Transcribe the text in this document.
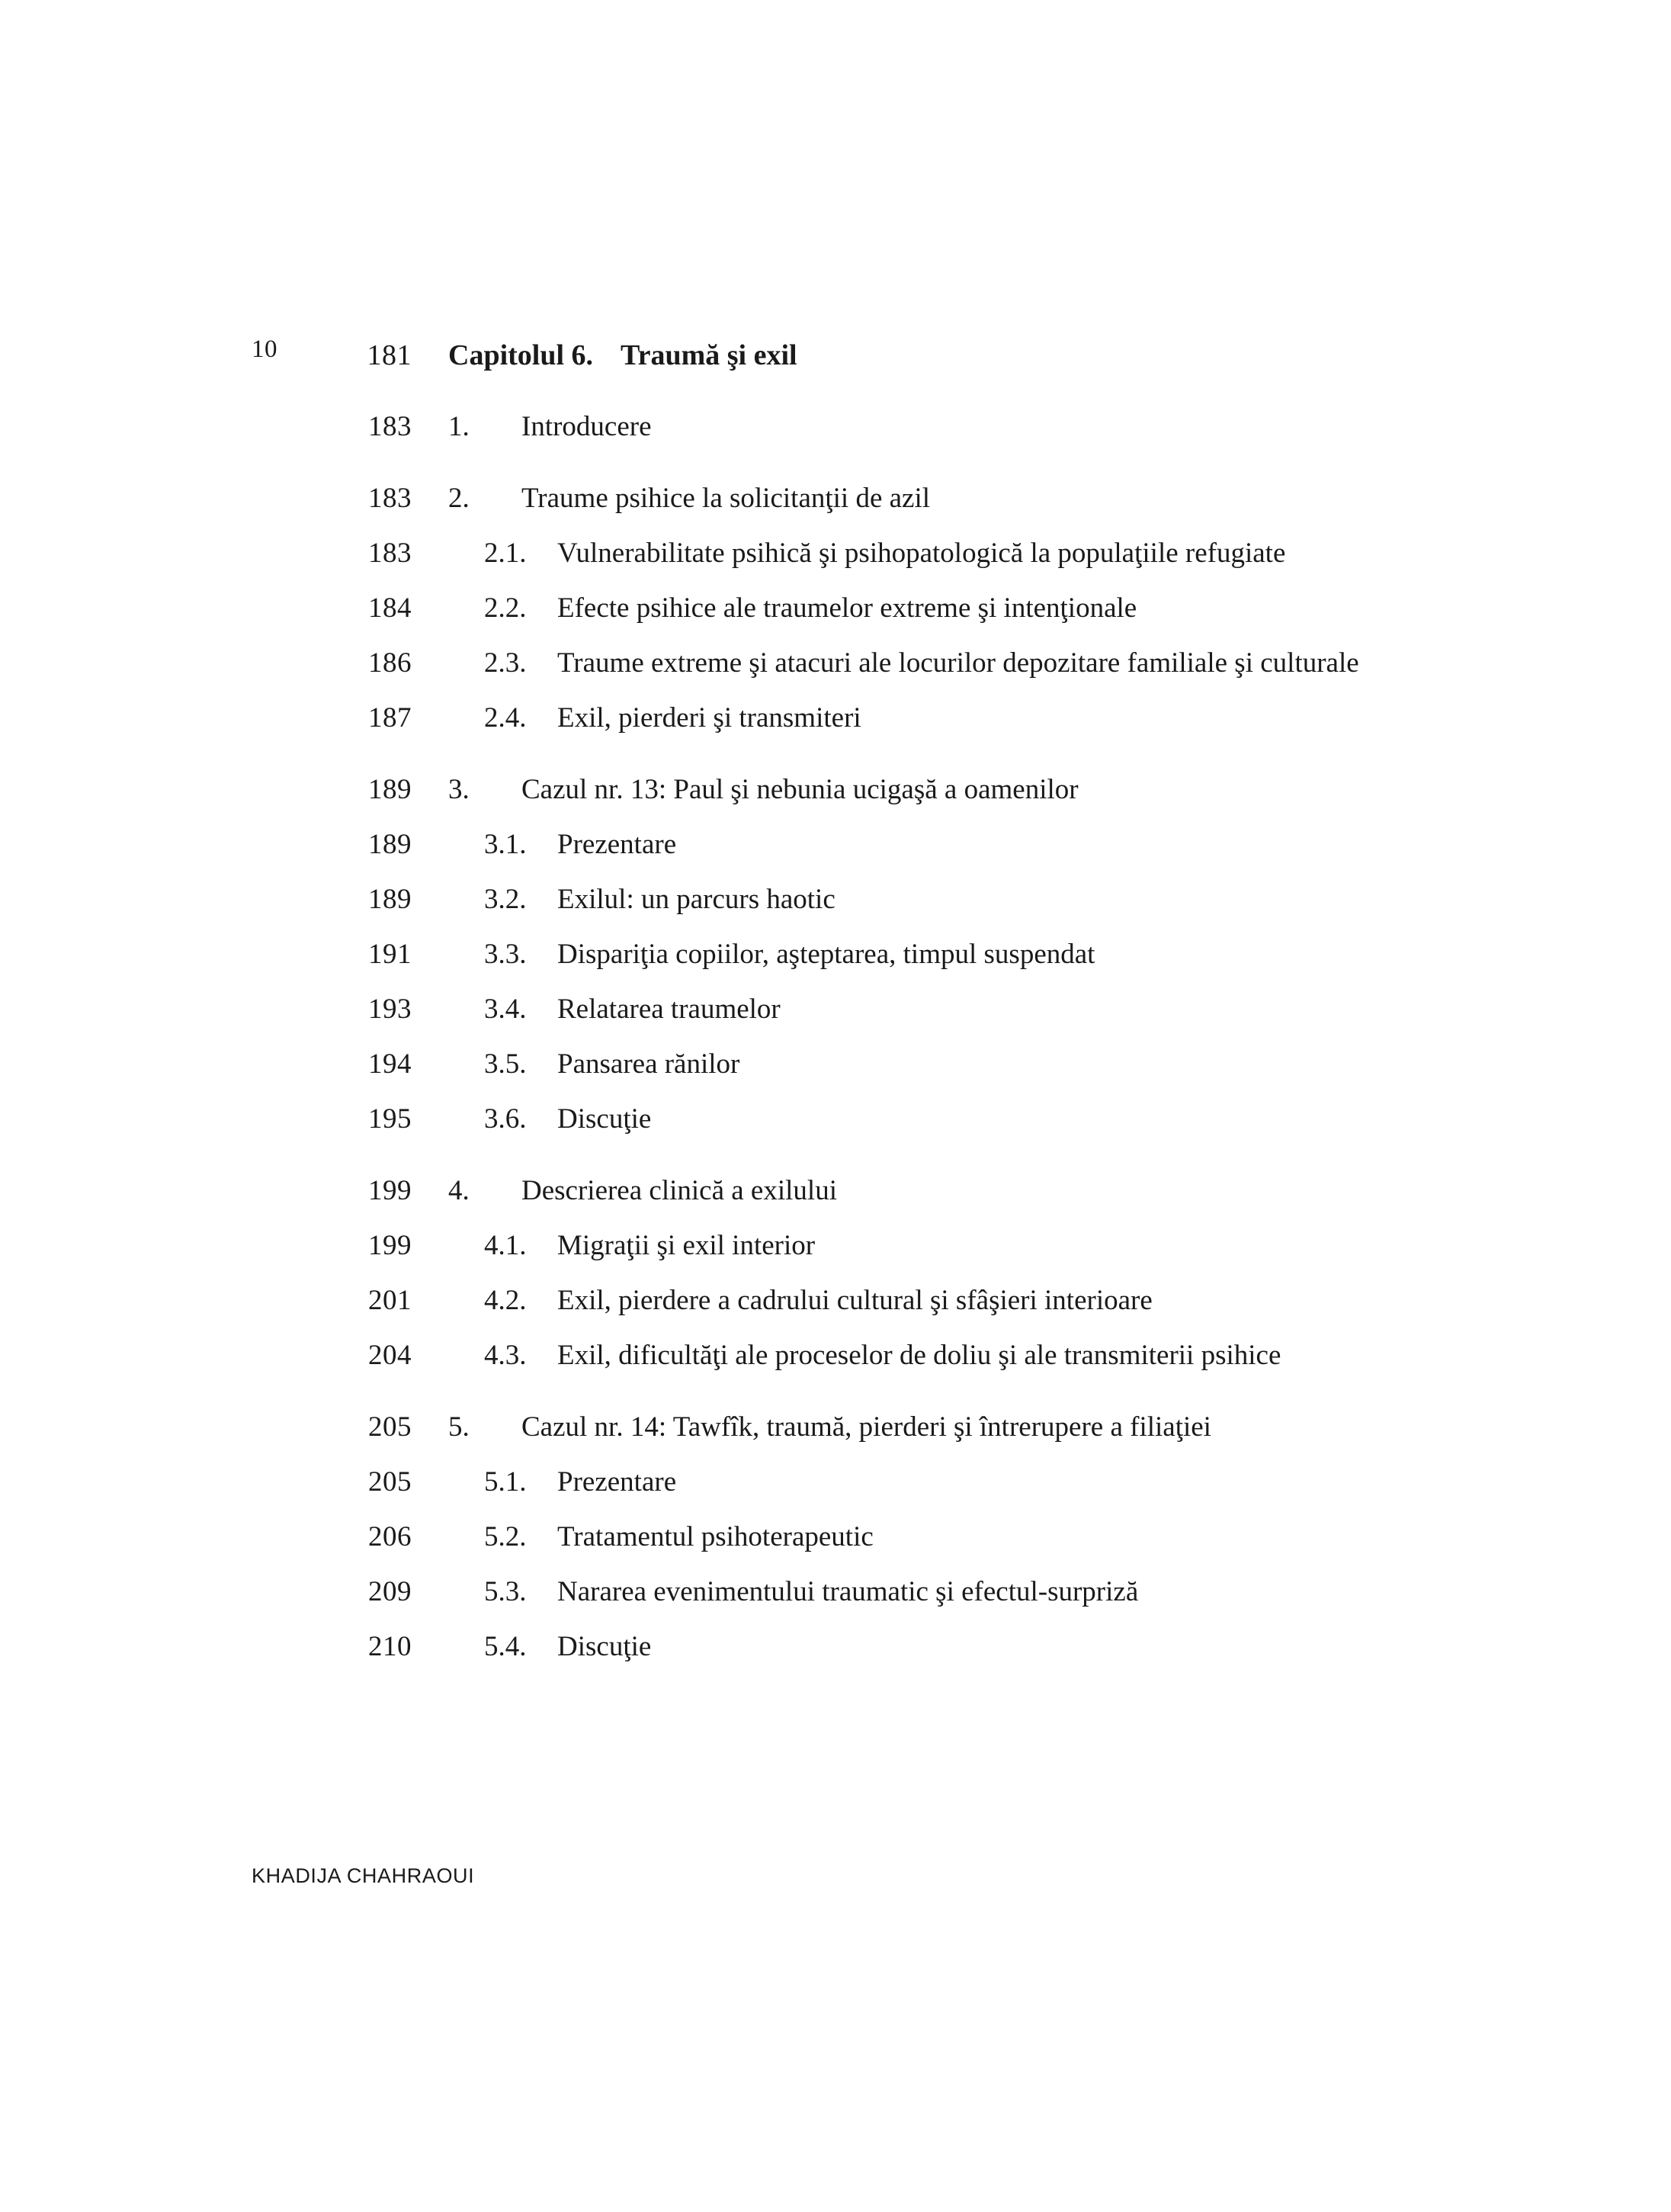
10	181	Capitolul 6. Traumă şi exil
183	1. Introducere
183	2. Traume psihice la solicitanţii de azil
183	2.1. Vulnerabilitate psihică şi psihopatologică la populaţiile refugiate
184	2.2. Efecte psihice ale traumelor extreme şi intenţionale
186	2.3. Traume extreme şi atacuri ale locurilor depozitare familiale şi culturale
187	2.4. Exil, pierderi şi transmiteri
189	3. Cazul nr. 13: Paul şi nebunia ucigaşă a oamenilor
189	3.1. Prezentare
189	3.2. Exilul: un parcurs haotic
191	3.3. Dispariţia copiilor, aşteptarea, timpul suspendat
193	3.4. Relatarea traumelor
194	3.5. Pansarea rănilor
195	3.6. Discuţie
199	4. Descrierea clinică a exilului
199	4.1. Migraţii şi exil interior
201	4.2. Exil, pierdere a cadrului cultural şi sfâşieri interioare
204	4.3. Exil, dificultăţi ale proceselor de doliu şi ale transmiterii psihice
205	5. Cazul nr. 14: Tawfîk, traumă, pierderi şi întrerupere a filiaţiei
205	5.1. Prezentare
206	5.2. Tratamentul psihoterapeutic
209	5.3. Nararea evenimentului traumatic şi efectul-surpriză
210	5.4. Discuţie
KHADIJA CHAHRAOUI
